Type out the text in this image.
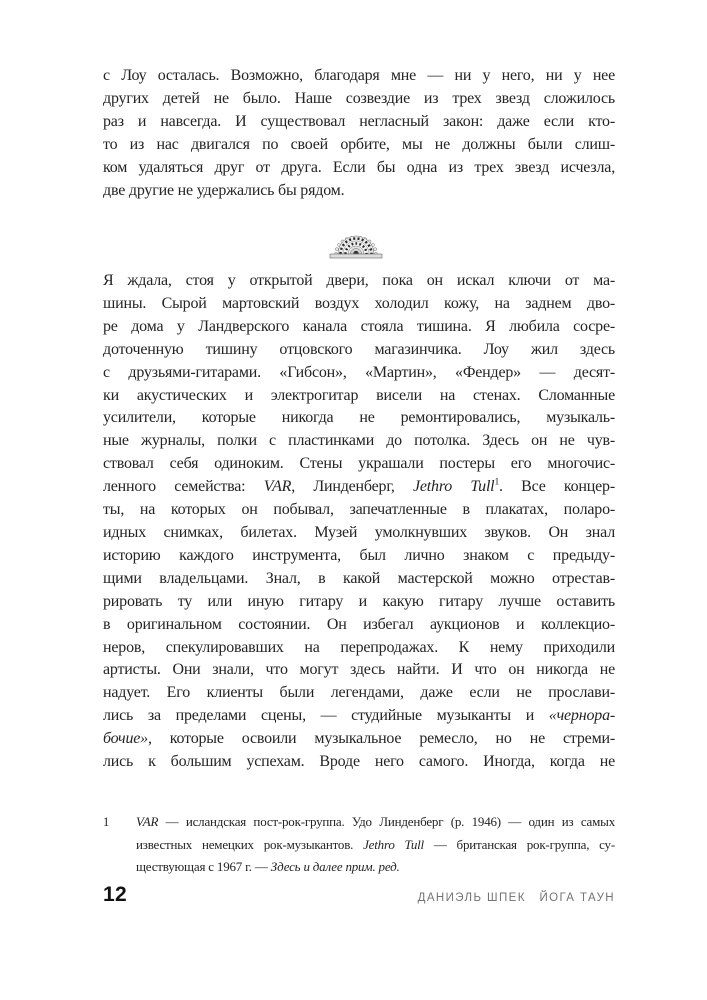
с Лоу осталась. Возможно, благодаря мне — ни у него, ни у нее
других детей не было. Наше созвездие из трех звезд сложилось
раз и навсегда. И существовал негласный закон: даже если кто-
то из нас двигался по своей орбите, мы не должны были слиш-
ком удаляться друг от друга. Если бы одна из трех звезд исчезла,
две другие не удержались бы рядом.
Я ждала, стоя у открытой двери, пока он искал ключи от ма-
шины. Сырой мартовский воздух холодил кожу, на заднем дво-
ре дома у Ландверского канала стояла тишина. Я любила сосре-
доточенную тишину отцовского магазинчика. Лоу жил здесь
с друзьями-гитарами. «Гибсон», «Мартин», «Фендер» — десят-
ки акустических и электрогитар висели на стенах. Сломанные
усилители, которые никогда не ремонтировались, музыкаль-
ные журналы, полки с пластинками до потолка. Здесь он не чув-
ствовал себя одиноким. Стены украшали постеры его многочис-
ленного семейства: VAR, Линденберг, Jethro Tull$^1$. Все концер-
ты, на которых он побывал, запечатленные в плакатах, поларо-
идных снимках, билетах. Музей умолкнувших звуков. Он знал
историю каждого инструмента, был лично знаком с предыду-
щими владельцами. Знал, в какой мастерской можно отрестав-
рировать ту или иную гитару и какую гитару лучше оставить
в оригинальном состоянии. Он избегал аукционов и коллекцио-
неров, спекулировавших на перепродажах. К нему приходили
артисты. Они знали, что могут здесь найти. И что он никогда не
надует. Его клиенты были легендами, даже если не прослави-
лись за пределами сцены, — студийные музыканты и «чернора-
бочие», которые освоили музыкальное ремесло, но не стреми-
лись к большим успехам. Вроде него самого. Иногда, когда не
1	VAR — исландская пост-рок-группа. Удо Линденберг (р. 1946) — один из самых
известных немецких рок-музыкантов. Jethro Tull — британская рок-группа, су-
ществующая с 1967 г. — Здесь и далее прим. ред.
12	ДАНИЭЛЬ ШПЕК ЙОГА ТАУН
